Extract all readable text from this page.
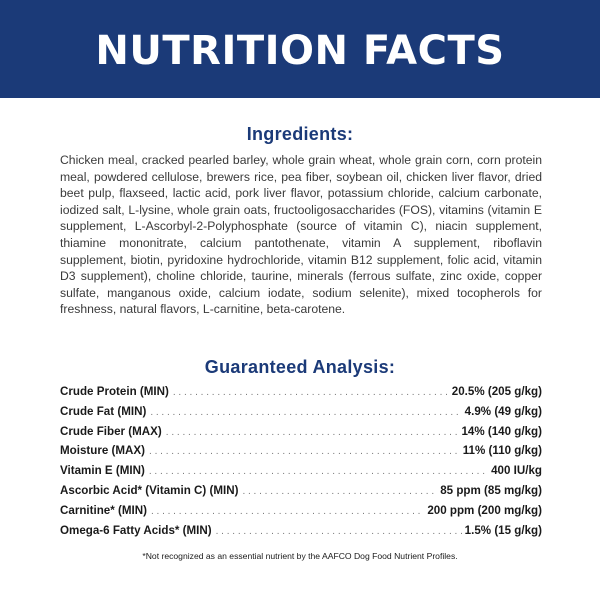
NUTRITION FACTS
Ingredients:
Chicken meal, cracked pearled barley, whole grain wheat, whole grain corn, corn protein meal, powdered cellulose, brewers rice, pea fiber, soybean oil, chicken liver flavor, dried beet pulp, flaxseed, lactic acid, pork liver flavor, potassium chloride, calcium carbonate, iodized salt, L-lysine, whole grain oats, fructooligosaccharides (FOS), vitamins (vitamin E supplement, L-Ascorbyl-2-Polyphosphate (source of vitamin C), niacin supplement, thiamine mononitrate, calcium pantothenate, vitamin A supplement, riboflavin supplement, biotin, pyridoxine hydrochloride, vitamin B12 supplement, folic acid, vitamin D3 supplement), choline chloride, taurine, minerals (ferrous sulfate, zinc oxide, copper sulfate, manganous oxide, calcium iodate, sodium selenite), mixed tocopherols for freshness, natural flavors, L-carnitine, beta-carotene.
Guaranteed Analysis:
Crude Protein (MIN) . . .	20.5% (205 g/kg)
Crude Fat (MIN) . . .	4.9% (49 g/kg)
Crude Fiber (MAX) . . .	14% (140 g/kg)
Moisture (MAX) . . .	11% (110 g/kg)
Vitamin E (MIN) . . .	400 IU/kg
Ascorbic Acid* (Vitamin C) (MIN) . . .	85 ppm (85 mg/kg)
Carnitine* (MIN) . . .	200 ppm (200 mg/kg)
Omega-6 Fatty Acids* (MIN) . . .	1.5% (15 g/kg)
*Not recognized as an essential nutrient by the AAFCO Dog Food Nutrient Profiles.
